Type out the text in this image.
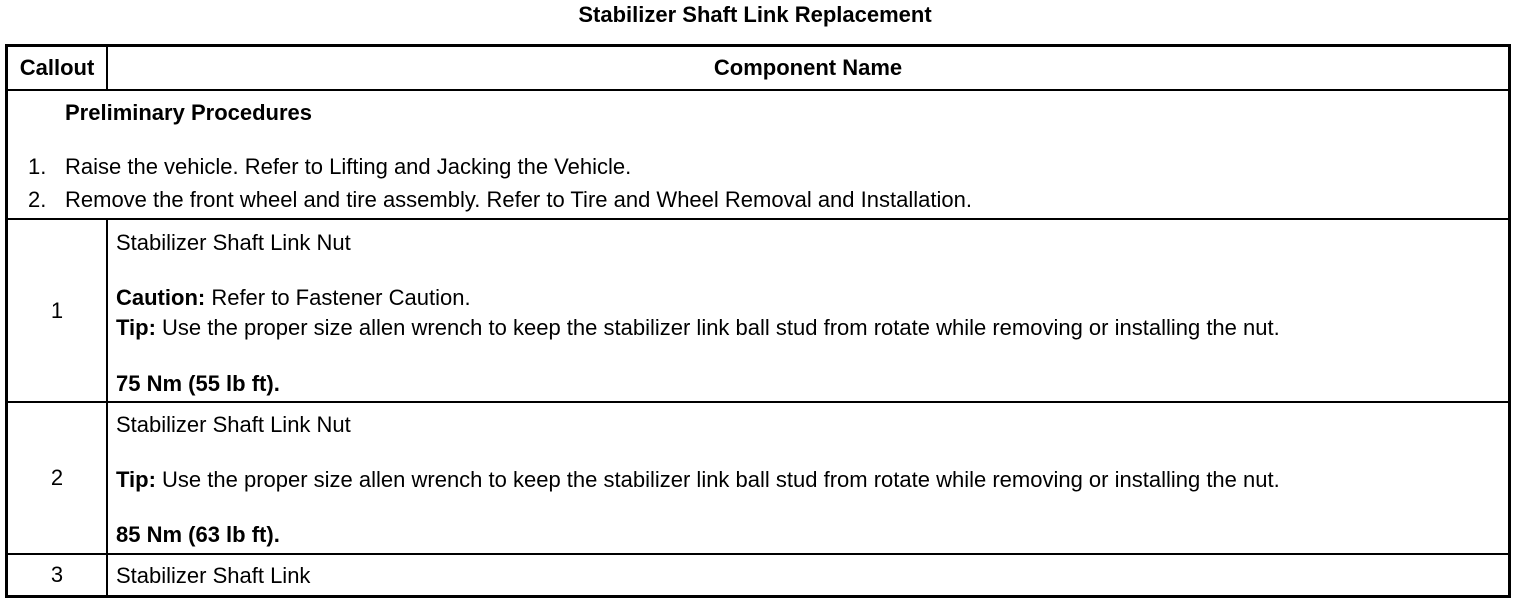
Stabilizer Shaft Link Replacement
Callout	Component Name
Preliminary Procedures
1. Raise the vehicle. Refer to Lifting and Jacking the Vehicle.
2. Remove the front wheel and tire assembly. Refer to Tire and Wheel Removal and Installation.
1
Stabilizer Shaft Link Nut
Caution: Refer to Fastener Caution.
Tip: Use the proper size allen wrench to keep the stabilizer link ball stud from rotate while removing or installing the nut.
75 Nm (55 lb ft).
2
Stabilizer Shaft Link Nut
Tip: Use the proper size allen wrench to keep the stabilizer link ball stud from rotate while removing or installing the nut.
85 Nm (63 lb ft).
3	Stabilizer Shaft Link
